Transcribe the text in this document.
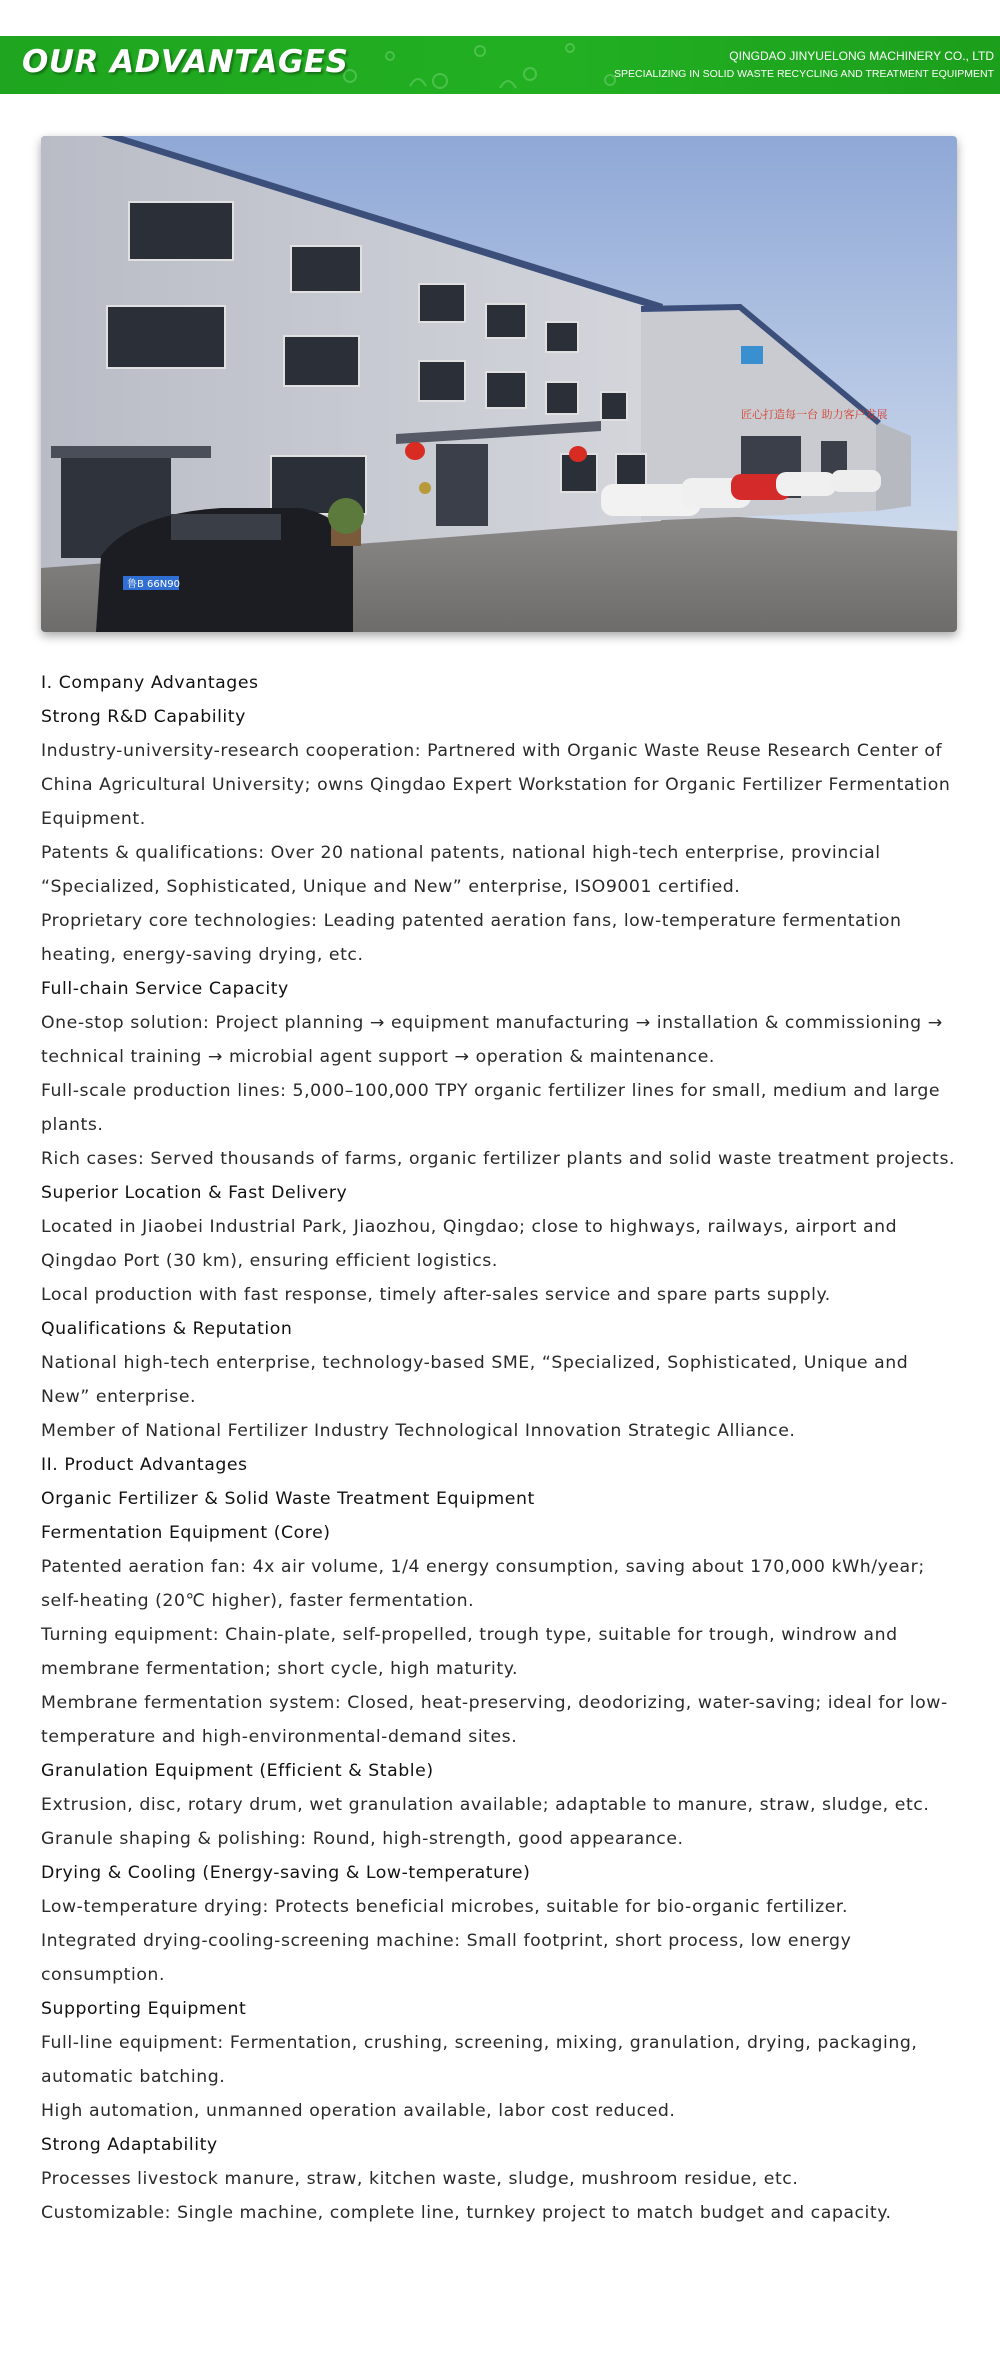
OUR ADVANTAGES	QINGDAO JINYUELONG MACHINERY CO., LTD
SPECIALIZING IN SOLID WASTE RECYCLING AND TREATMENT EQUIPMENT
匠心打造每一台 助力客户发展
鲁B 66N90

I. Company Advantages

Strong R&D Capability

Industry-university-research cooperation: Partnered with Organic Waste Reuse Research Center of China Agricultural University; owns Qingdao Expert Workstation for Organic Fertilizer Fermentation Equipment.

Patents & qualifications: Over 20 national patents, national high-tech enterprise, provincial “Specialized, Sophisticated, Unique and New” enterprise, ISO9001 certified.

Proprietary core technologies: Leading patented aeration fans, low-temperature fermentation heating, energy-saving drying, etc.

Full-chain Service Capacity

One-stop solution: Project planning → equipment manufacturing → installation & commissioning → technical training → microbial agent support → operation & maintenance.

Full-scale production lines: 5,000–100,000 TPY organic fertilizer lines for small, medium and large plants.

Rich cases: Served thousands of farms, organic fertilizer plants and solid waste treatment projects.

Superior Location & Fast Delivery

Located in Jiaobei Industrial Park, Jiaozhou, Qingdao; close to highways, railways, airport and Qingdao Port (30 km), ensuring efficient logistics.

Local production with fast response, timely after-sales service and spare parts supply.

Qualifications & Reputation

National high-tech enterprise, technology-based SME, “Specialized, Sophisticated, Unique and New” enterprise.

Member of National Fertilizer Industry Technological Innovation Strategic Alliance.

II. Product Advantages

Organic Fertilizer & Solid Waste Treatment Equipment

Fermentation Equipment (Core)

Patented aeration fan: 4x air volume, 1/4 energy consumption, saving about 170,000 kWh/year; self-heating (20℃ higher), faster fermentation.

Turning equipment: Chain-plate, self-propelled, trough type, suitable for trough, windrow and membrane fermentation; short cycle, high maturity.

Membrane fermentation system: Closed, heat-preserving, deodorizing, water-saving; ideal for low-temperature and high-environmental-demand sites.

Granulation Equipment (Efficient & Stable)

Extrusion, disc, rotary drum, wet granulation available; adaptable to manure, straw, sludge, etc.

Granule shaping & polishing: Round, high-strength, good appearance.

Drying & Cooling (Energy-saving & Low-temperature)

Low-temperature drying: Protects beneficial microbes, suitable for bio-organic fertilizer.

Integrated drying-cooling-screening machine: Small footprint, short process, low energy consumption.

Supporting Equipment

Full-line equipment: Fermentation, crushing, screening, mixing, granulation, drying, packaging, automatic batching.

High automation, unmanned operation available, labor cost reduced.

Strong Adaptability

Processes livestock manure, straw, kitchen waste, sludge, mushroom residue, etc.

Customizable: Single machine, complete line, turnkey project to match budget and capacity.
